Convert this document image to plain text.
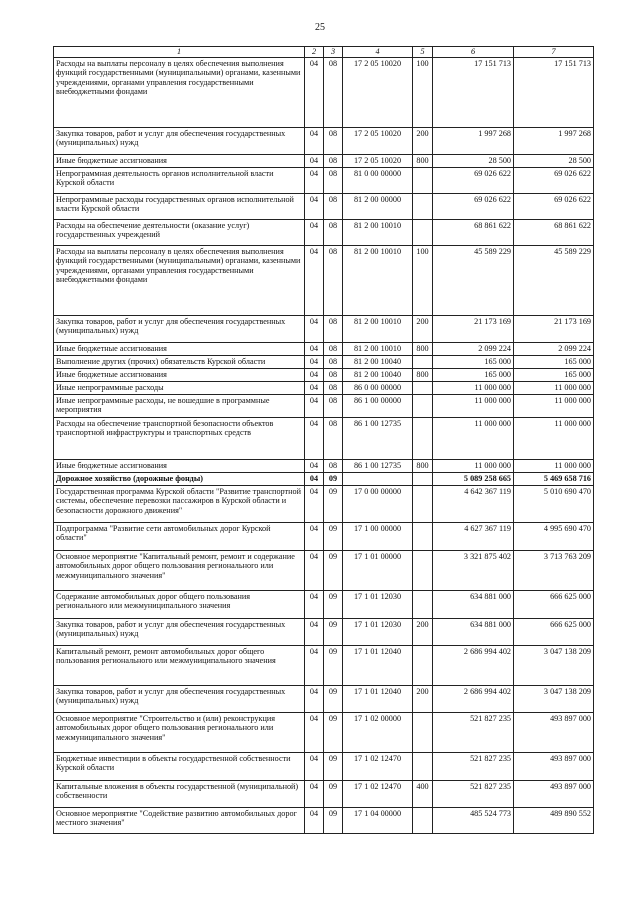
25
1	2	3	4	5	6	7
Расходы на выплаты персоналу в целях обеспечения выполнения функций государственными (муниципальными) органами, казенными учреждениями, органами управления государственными внебюджетными фондами	04	08	17 2 05 10020	100	17 151 713	17 151 713
Закупка товаров, работ и услуг для обеспечения государственных (муниципальных) нужд	04	08	17 2 05 10020	200	1 997 268	1 997 268
Иные бюджетные ассигнования	04	08	17 2 05 10020	800	28 500	28 500
Непрограммная деятельность органов исполнительной власти Курской области	04	08	81 0 00 00000		69 026 622	69 026 622
Непрограммные расходы государственных органов исполнительной власти Курской области	04	08	81 2 00 00000		69 026 622	69 026 622
Расходы на обеспечение деятельности (оказание услуг) государственных учреждений	04	08	81 2 00 10010		68 861 622	68 861 622
Расходы на выплаты персоналу в целях обеспечения выполнения функций государственными (муниципальными) органами, казенными учреждениями, органами управления государственными внебюджетными фондами	04	08	81 2 00 10010	100	45 589 229	45 589 229
Закупка товаров, работ и услуг для обеспечения государственных (муниципальных) нужд	04	08	81 2 00 10010	200	21 173 169	21 173 169
Иные бюджетные ассигнования	04	08	81 2 00 10010	800	2 099 224	2 099 224
Выполнение других (прочих) обязательств Курской области	04	08	81 2 00 10040		165 000	165 000
Иные бюджетные ассигнования	04	08	81 2 00 10040	800	165 000	165 000
Иные непрограммные расходы	04	08	86 0 00 00000		11 000 000	11 000 000
Иные непрограммные расходы, не вошедшие в программные мероприятия	04	08	86 1 00 00000		11 000 000	11 000 000
Расходы на обеспечение транспортной безопасности объектов транспортной инфраструктуры и транспортных средств	04	08	86 1 00 12735		11 000 000	11 000 000
Иные бюджетные ассигнования	04	08	86 1 00 12735	800	11 000 000	11 000 000
Дорожное хозяйство (дорожные фонды)	04	09			5 089 258 665	5 469 658 716
Государственная программа Курской области "Развитие транспортной системы, обеспечение перевозки пассажиров в Курской области и безопасности дорожного движения"	04	09	17 0 00 00000		4 642 367 119	5 010 690 470
Подпрограмма "Развитие сети автомобильных дорог Курской области"	04	09	17 1 00 00000		4 627 367 119	4 995 690 470
Основное мероприятие "Капитальный ремонт, ремонт и содержание автомобильных дорог общего пользования регионального или межмуниципального значения"	04	09	17 1 01 00000		3 321 875 402	3 713 763 209
Содержание автомобильных дорог общего пользования регионального или межмуниципального значения	04	09	17 1 01 12030		634 881 000	666 625 000
Закупка товаров, работ и услуг для обеспечения государственных (муниципальных) нужд	04	09	17 1 01 12030	200	634 881 000	666 625 000
Капитальный ремонт, ремонт автомобильных дорог общего пользования регионального или межмуниципального значения	04	09	17 1 01 12040		2 686 994 402	3 047 138 209
Закупка товаров, работ и услуг для обеспечения государственных (муниципальных) нужд	04	09	17 1 01 12040	200	2 686 994 402	3 047 138 209
Основное мероприятие "Строительство и (или) реконструкция автомобильных дорог общего пользования регионального или межмуниципального значения"	04	09	17 1 02 00000		521 827 235	493 897 000
Бюджетные инвестиции в объекты государственной собственности Курской области	04	09	17 1 02 12470		521 827 235	493 897 000
Капитальные вложения в объекты государственной (муниципальной) собственности	04	09	17 1 02 12470	400	521 827 235	493 897 000
Основное мероприятие "Содействие развитию автомобильных дорог местного значения"	04	09	17 1 04 00000		485 524 773	489 890 552
